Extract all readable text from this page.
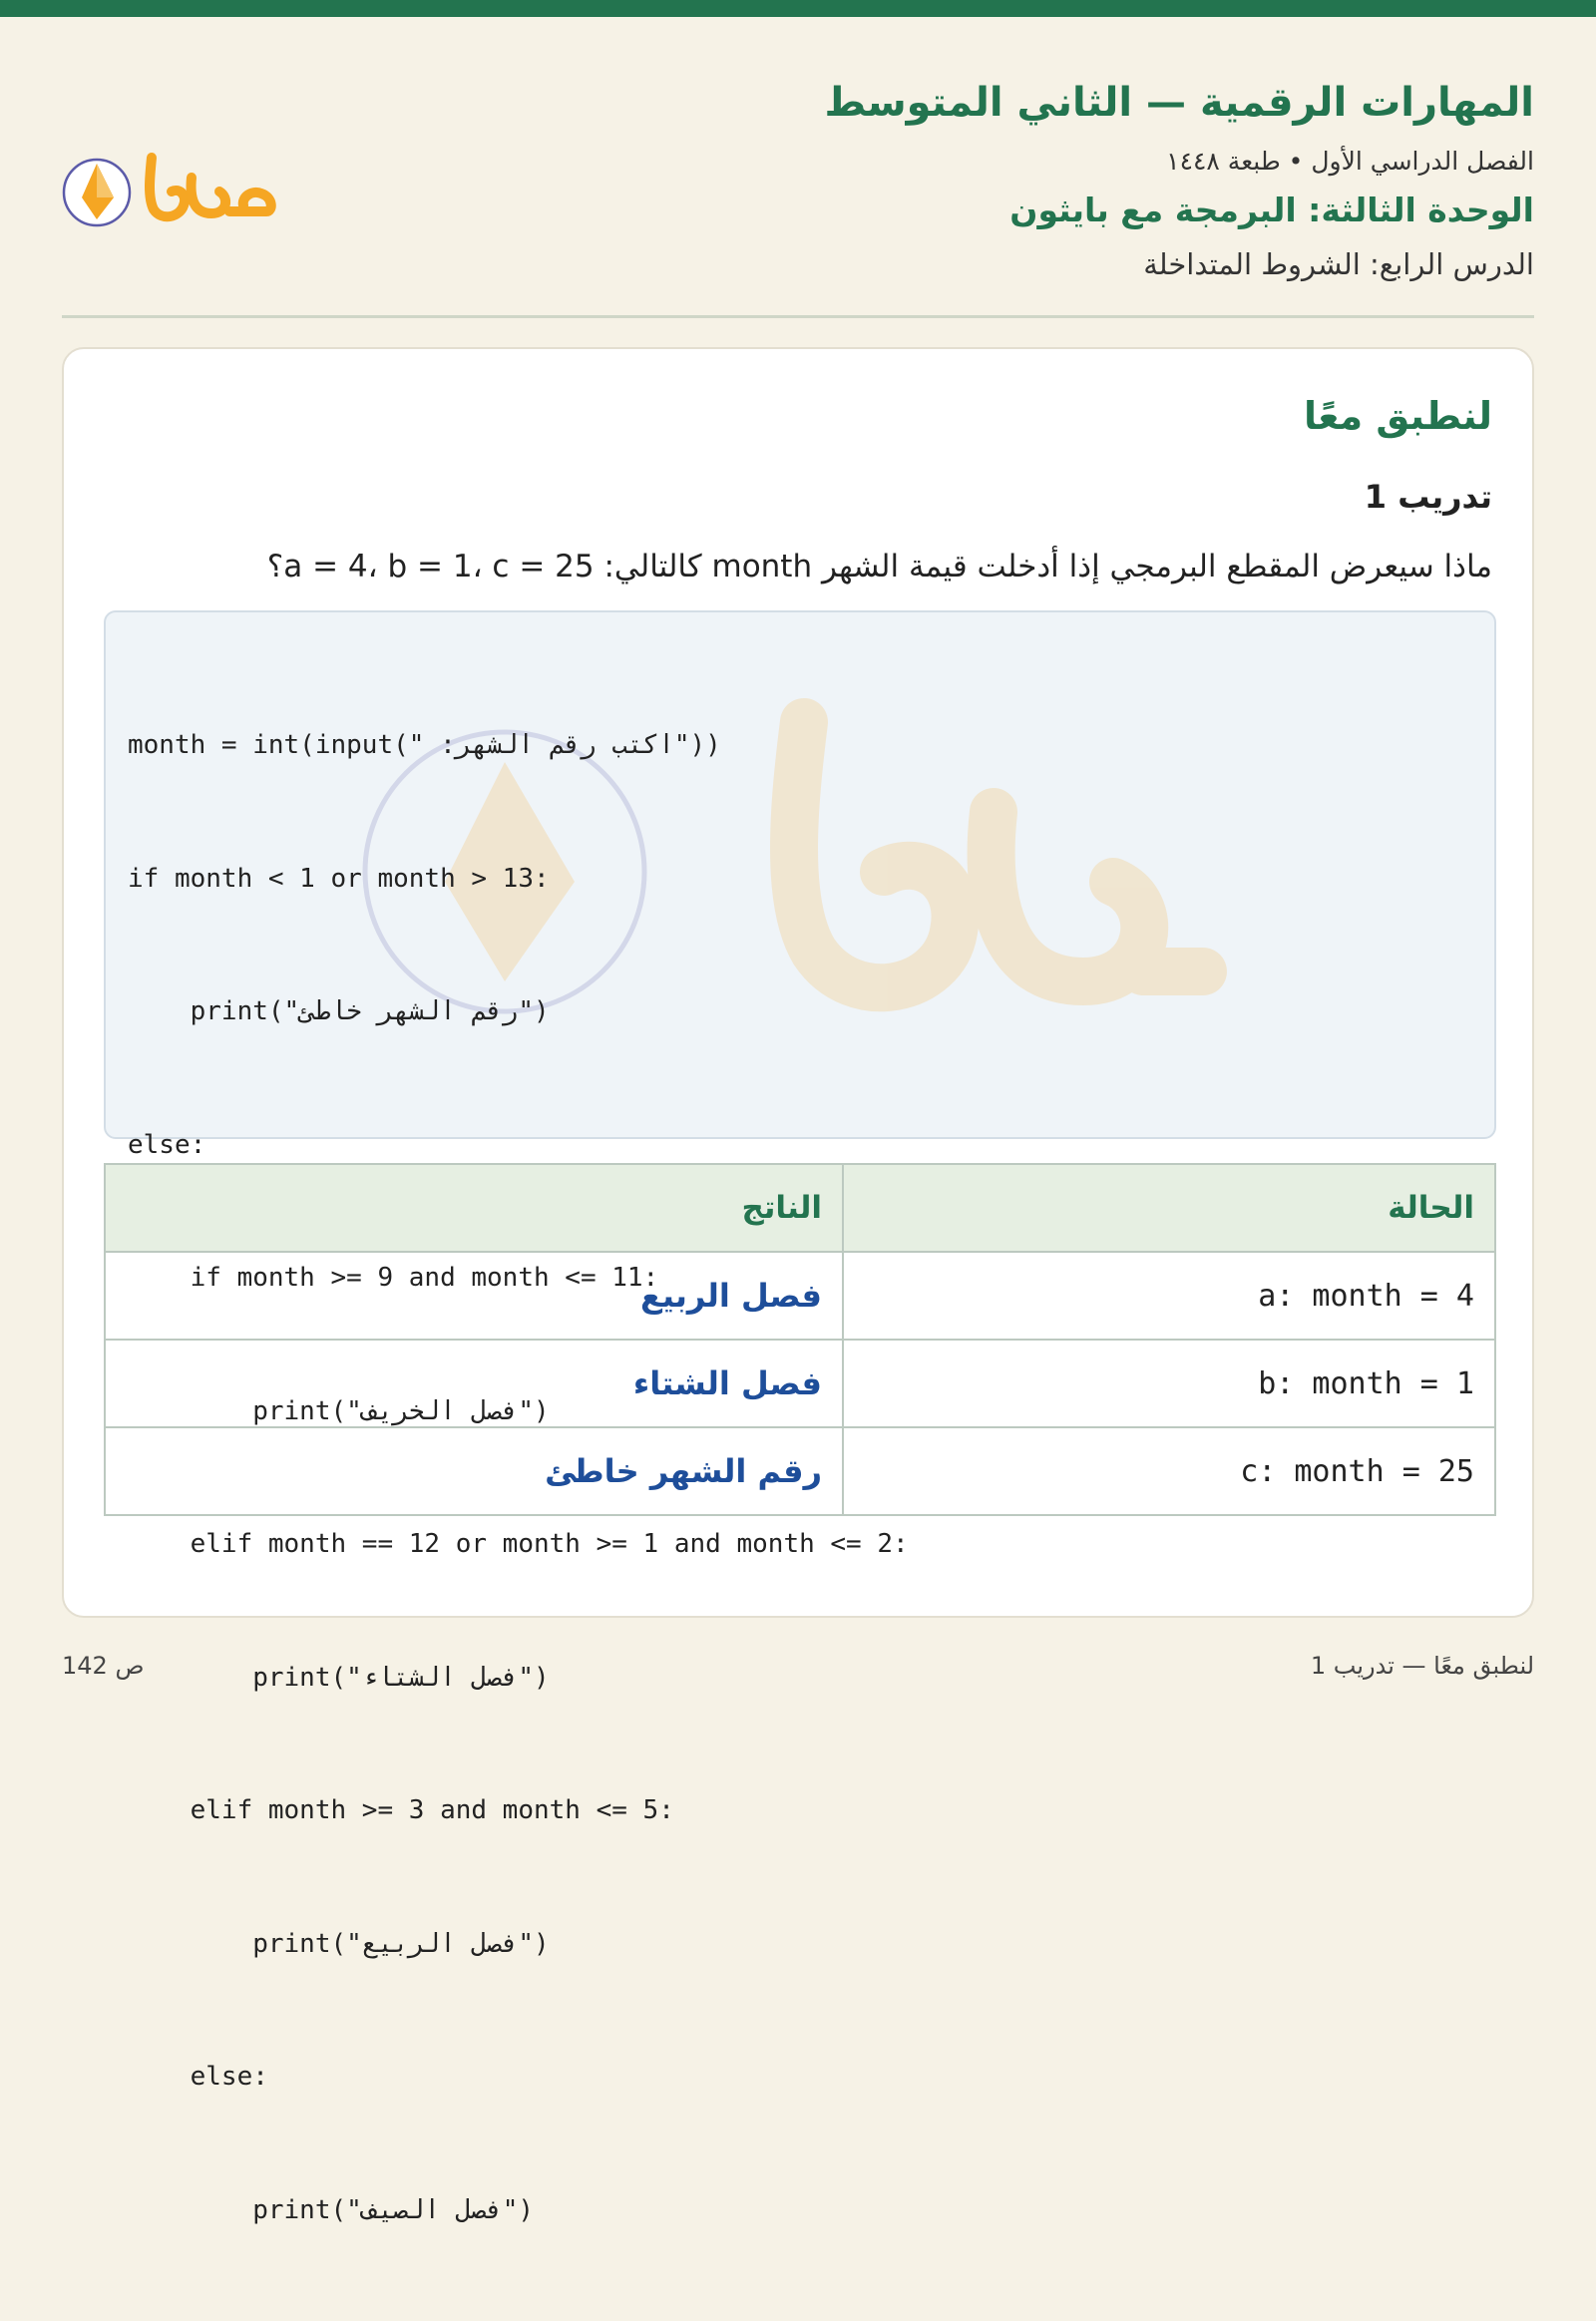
المهارات الرقمية — الثاني المتوسط
الفصل الدراسي الأول • طبعة ١٤٤٨
الوحدة الثالثة: البرمجة مع بايثون
الدرس الرابع: الشروط المتداخلة
لنطبق معًا
تدريب 1
ماذا سيعرض المقطع البرمجي إذا أدخلت قيمة الشهر month كالتالي: a = 4، b = 1، c = 25؟

month = int(input("اكتب رقم الشهر: "))

if month < 1 or month > 13:

print("رقم الشهر خاطئ")

else:

if month >= 9 and month <= 11:

print("فصل الخريف")

elif month == 12 or month >= 1 and month <= 2:

print("فصل الشتاء")

elif month >= 3 and month <= 5:

print("فصل الربيع")

else:

print("فصل الصيف")

الحالة	الناتج
a: month = 4	فصل الربيع
b: month = 1	فصل الشتاء
c: month = 25	رقم الشهر خاطئ
لنطبق معًا — تدريب 1
ص 142
